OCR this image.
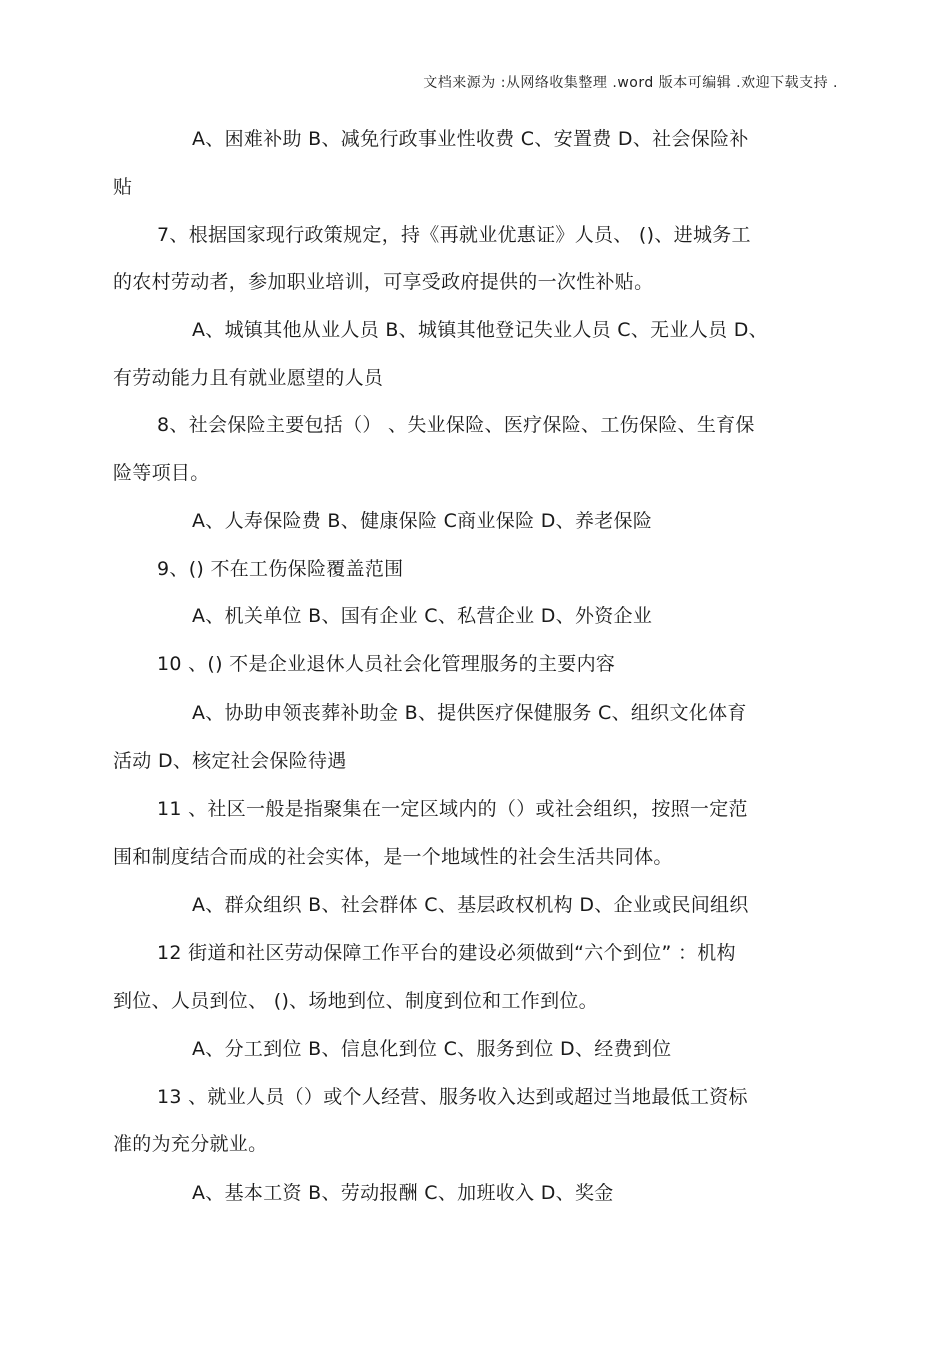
文档来源为 :从网络收集整理 .word 版本可编辑 .欢迎下载支持 .
A、困难补助 B、减免行政事业性收费 C、安置费 D、社会保险补
贴
7、根据国家现行政策规定，持《再就业优惠证》人员、 ()、进城务工
的农村劳动者，参加职业培训，可享受政府提供的一次性补贴。
A、城镇其他从业人员 B、城镇其他登记失业人员 C、无业人员 D、
有劳动能力且有就业愿望的人员
8、社会保险主要包括（） 、失业保险、医疗保险、工伤保险、生育保
险等项目。
A、人寿保险费 B、健康保险 C商业保险 D、养老保险
9、() 不在工伤保险覆盖范围
A、机关单位 B、国有企业 C、私营企业 D、外资企业
10 、() 不是企业退休人员社会化管理服务的主要内容
A、协助申领丧葬补助金 B、提供医疗保健服务 C、组织文化体育
活动 D、核定社会保险待遇
11 、社区一般是指聚集在一定区域内的（）或社会组织，按照一定范
围和制度结合而成的社会实体，是一个地域性的社会生活共同体。
A、群众组织 B、社会群体 C、基层政权机构 D、企业或民间组织
12 街道和社区劳动保障工作平台的建设必须做到“六个到位” ：机构
到位、人员到位、 ()、场地到位、制度到位和工作到位。
A、分工到位 B、信息化到位 C、服务到位 D、经费到位
13 、就业人员（）或个人经营、服务收入达到或超过当地最低工资标
准的为充分就业。
A、基本工资 B、劳动报酬 C、加班收入 D、奖金
